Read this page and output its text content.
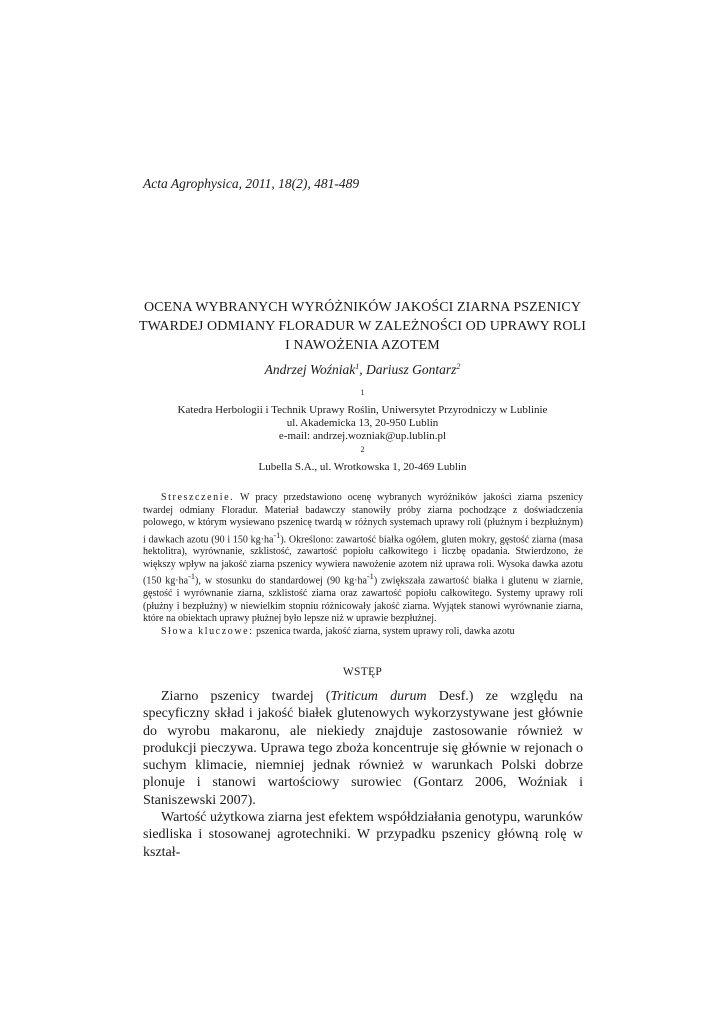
Acta Agrophysica, 2011, 18(2), 481-489
OCENA WYBRANYCH WYRÓŻNIKÓW JAKOŚCI ZIARNA PSZENICY
TWARDEJ ODMIANY FLORADUR W ZALEŻNOŚCI OD UPRAWY ROLI
I NAWOŻENIA AZOTEM
Andrzej Woźniak$^1$, Dariusz Gontarz$^2$
$^1$
Katedra Herbologii i Technik Uprawy Roślin, Uniwersytet Przyrodniczy w Lublinie
ul. Akademicka 13, 20-950 Lublin
e-mail: andrzej.wozniak@up.lublin.pl
$^2$
Lubella S.A., ul. Wrotkowska 1, 20-469 Lublin

Streszczenie. W pracy przedstawiono ocenę wybranych wyróżników jakości ziarna pszenicy twardej odmiany Floradur. Materiał badawczy stanowiły próby ziarna pochodzące z doświadczenia polowego, w którym wysiewano pszenicę twardą w różnych systemach uprawy roli (płużnym i bezpłużnym) i dawkach azotu (90 i 150 $kg\cdot ha^{-1}$). Określono: zawartość białka ogółem, gluten mokry, gęstość ziarna (masa hektolitra), wyrównanie, szklistość, zawartość popiołu całkowitego i liczbę opadania. Stwierdzono, że większy wpływ na jakość ziarna pszenicy wywiera nawożenie azotem niż uprawa roli. Wysoka dawka azotu (150 $kg\cdot ha^{-1}$), w stosunku do standardowej (90 $kg\cdot ha^{-1}$) zwiększała zawartość białka i glutenu w ziarnie, gęstość i wyrównanie ziarna, szklistość ziarna oraz zawartość popiołu całkowitego. Systemy uprawy roli (płużny i bezpłużny) w niewielkim stopniu różnicowały jakość ziarna. Wyjątek stanowi wyrównanie ziarna, które na obiektach uprawy płużnej było lepsze niż w uprawie bezpłużnej.

Słowa kluczowe: pszenica twarda, jakość ziarna, system uprawy roli, dawka azotu

WSTĘP

Ziarno pszenicy twardej (Triticum durum Desf.) ze względu na specyficzny skład i jakość białek glutenowych wykorzystywane jest głównie do wyrobu makaronu, ale niekiedy znajduje zastosowanie również w produkcji pieczywa. Uprawa tego zboża koncentruje się głównie w rejonach o suchym klimacie, niemniej jednak również w warunkach Polski dobrze plonuje i stanowi wartościowy surowiec (Gontarz 2006, Woźniak i Staniszewski 2007).

Wartość użytkowa ziarna jest efektem współdziałania genotypu, warunków siedliska i stosowanej agrotechniki. W przypadku pszenicy główną rolę w kształ-
